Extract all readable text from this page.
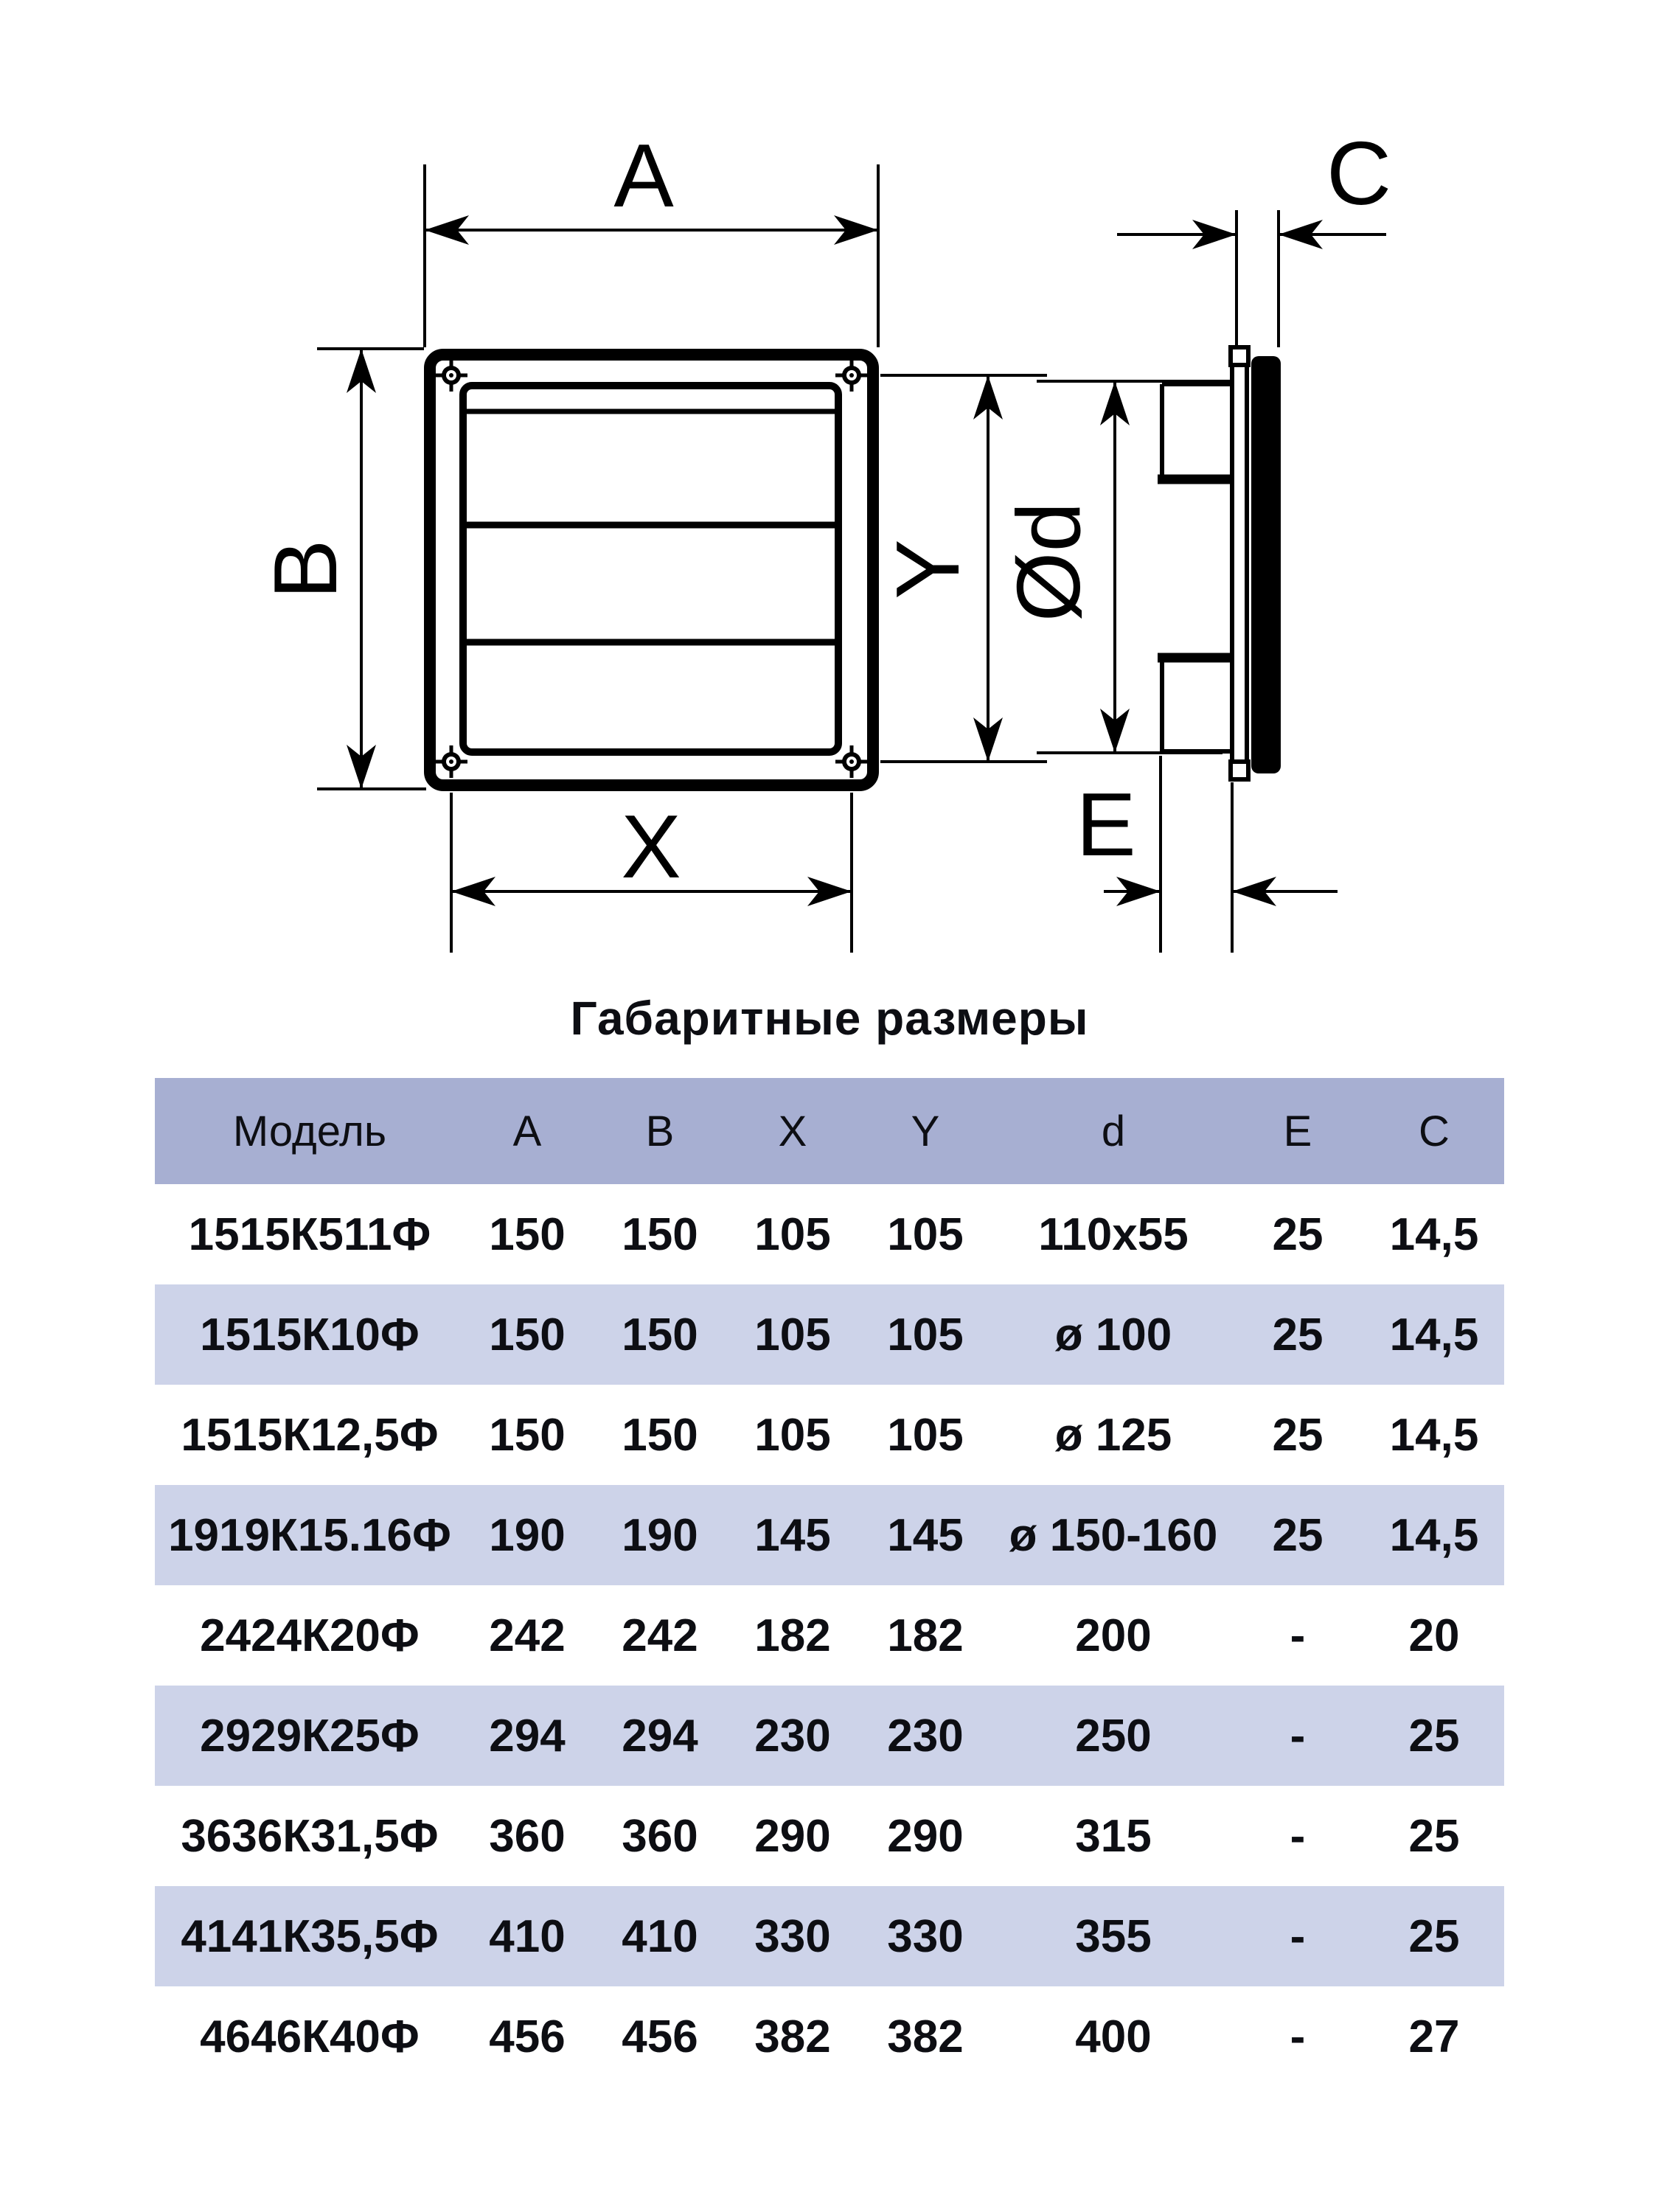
A
B
X
Y
C
Ød
E
Габаритные размеры
Модель	A	B	X	Y	d	E	C
1515К511Ф	150	150	105	105	110x55	25	14,5
1515К10Ф	150	150	105	105	ø 100	25	14,5
1515К12,5Ф	150	150	105	105	ø 125	25	14,5
1919К15.16Ф	190	190	145	145	ø 150-160	25	14,5
2424К20Ф	242	242	182	182	200	-	20
2929К25Ф	294	294	230	230	250	-	25
3636К31,5Ф	360	360	290	290	315	-	25
4141К35,5Ф	410	410	330	330	355	-	25
4646К40Ф	456	456	382	382	400	-	27
